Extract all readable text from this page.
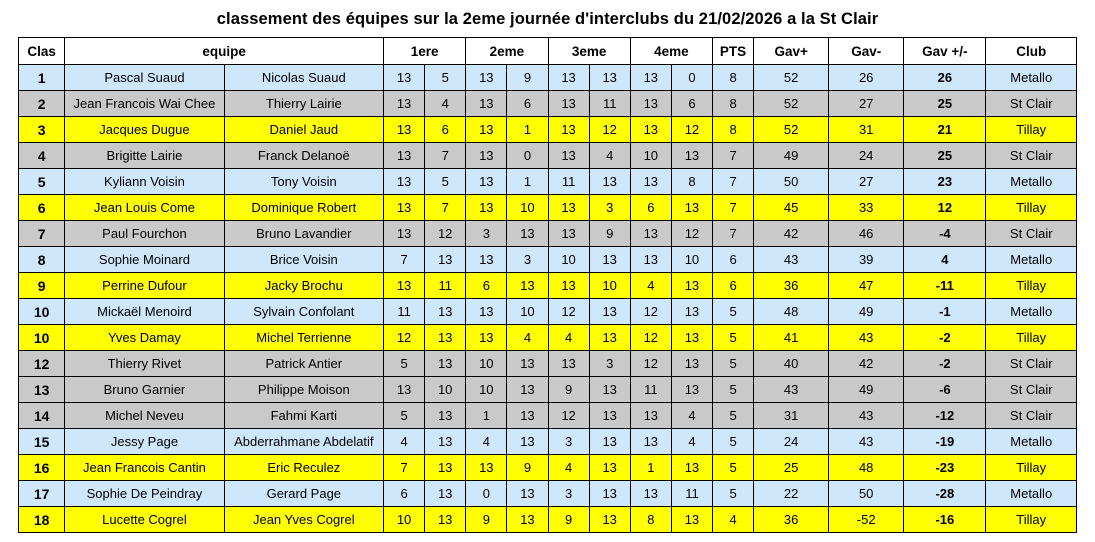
classement des équipes sur la 2eme journée d'interclubs du 21/02/2026 a la St Clair
Clas	equipe		1ere		2eme		3eme		4eme		PTS	Gav+	Gav-	Gav +/-	Club
1	Pascal Suaud	Nicolas Suaud	13	5	13	9	13	13	13	0	8	52	26	26	Metallo
2	Jean Francois Wai Chee	Thierry Lairie	13	4	13	6	13	11	13	6	8	52	27	25	St Clair
3	Jacques Dugue	Daniel Jaud	13	6	13	1	13	12	13	12	8	52	31	21	Tillay
4	Brigitte Lairie	Franck Delanoë	13	7	13	0	13	4	10	13	7	49	24	25	St Clair
5	Kyliann Voisin	Tony Voisin	13	5	13	1	11	13	13	8	7	50	27	23	Metallo
6	Jean Louis Come	Dominique Robert	13	7	13	10	13	3	6	13	7	45	33	12	Tillay
7	Paul Fourchon	Bruno Lavandier	13	12	3	13	13	9	13	12	7	42	46	-4	St Clair
8	Sophie Moinard	Brice Voisin	7	13	13	3	10	13	13	10	6	43	39	4	Metallo
9	Perrine Dufour	Jacky Brochu	13	11	6	13	13	10	4	13	6	36	47	-11	Tillay
10	Mickaël Menoird	Sylvain Confolant	11	13	13	10	12	13	12	13	5	48	49	-1	Metallo
10	Yves Damay	Michel Terrienne	12	13	13	4	4	13	12	13	5	41	43	-2	Tillay
12	Thierry Rivet	Patrick Antier	5	13	10	13	13	3	12	13	5	40	42	-2	St Clair
13	Bruno Garnier	Philippe Moison	13	10	10	13	9	13	11	13	5	43	49	-6	St Clair
14	Michel Neveu	Fahmi Karti	5	13	1	13	12	13	13	4	5	31	43	-12	St Clair
15	Jessy Page	Abderrahmane Abdelatif	4	13	4	13	3	13	13	4	5	24	43	-19	Metallo
16	Jean Francois Cantin	Eric Reculez	7	13	13	9	4	13	1	13	5	25	48	-23	Tillay
17	Sophie De Peindray	Gerard Page	6	13	0	13	3	13	13	11	5	22	50	-28	Metallo
18	Lucette Cogrel	Jean Yves Cogrel	10	13	9	13	9	13	8	13	4	36	-52	-16	Tillay
